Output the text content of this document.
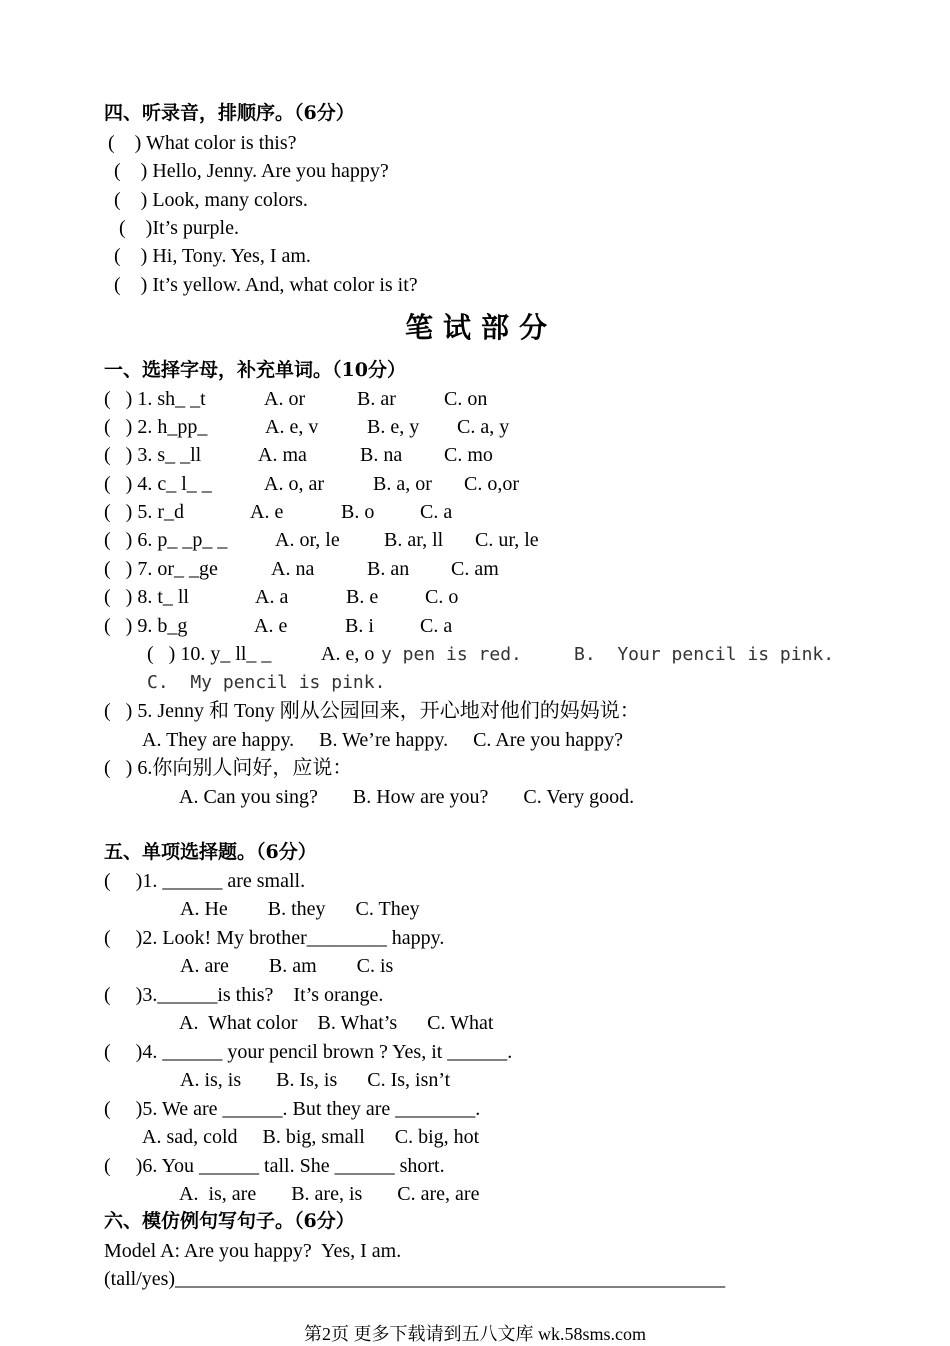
四、听录音，排顺序。（6分）
(    ) What color is this?
(    ) Hello, Jenny. Are you happy?
(    ) Look, many colors.
(    )It’s purple.
(    ) Hi, Tony. Yes, I am.
(    ) It’s yellow. And, what color is it?
笔试部分
一、选择字母，补充单词。（10分）
(   ) 1. sh_ _t	A. or	B. ar C. on
(   ) 2. h_pp_	A. e, v B. e, y C. a, y
(   ) 3. s_ _ll	A. ma	B. na C. mo
(   ) 4. c_ l_ _	A. o, ar B. a, or C. o,or
(   ) 5. r_d	A. e	B. o C. a
(   ) 6. p_ _p_ _ A. or, le B. ar, ll C. ur, le
(   ) 7. or_ _ge	A. na	B. an C. am
(   ) 8. t_ ll	A. a	B. e C. o
(   ) 9. b_g	A. e	B. i C. a
(   ) 10. y_ ll_ _ A. e, o y pen is red.	B.  Your pencil is pink.
C.  My pencil is pink.
(   ) 5. Jenny 和 Tony 刚从公园回来，开心地对他们的妈妈说：
A. They are happy.     B. We’re happy.     C. Are you happy?
(   ) 6.你向别人问好，应说：
A. Can you sing?       B. How are you?       C. Very good.
五、单项选择题。（6分）
(     )1. ______ are small.
A. He        B. they      C. They
(     )2. Look! My brother________ happy.
A. are        B. am        C. is
(     )3.______is this?    It’s orange.
A.  What color    B. What’s      C. What
(     )4. ______ your pencil brown ? Yes, it ______.
A. is, is       B. Is, is      C. Is, isn’t
(     )5. We are ______. But they are ________.
A. sad, cold     B. big, small      C. big, hot
(     )6. You ______ tall. She ______ short.
A.  is, are       B. are, is       C. are, are
六、模仿例句写句子。（6分）
Model A: Are you happy?  Yes, I am.
(tall/yes)_______________________________________________________
第2页 更多下载请到五八文库 wk.58sms.com
